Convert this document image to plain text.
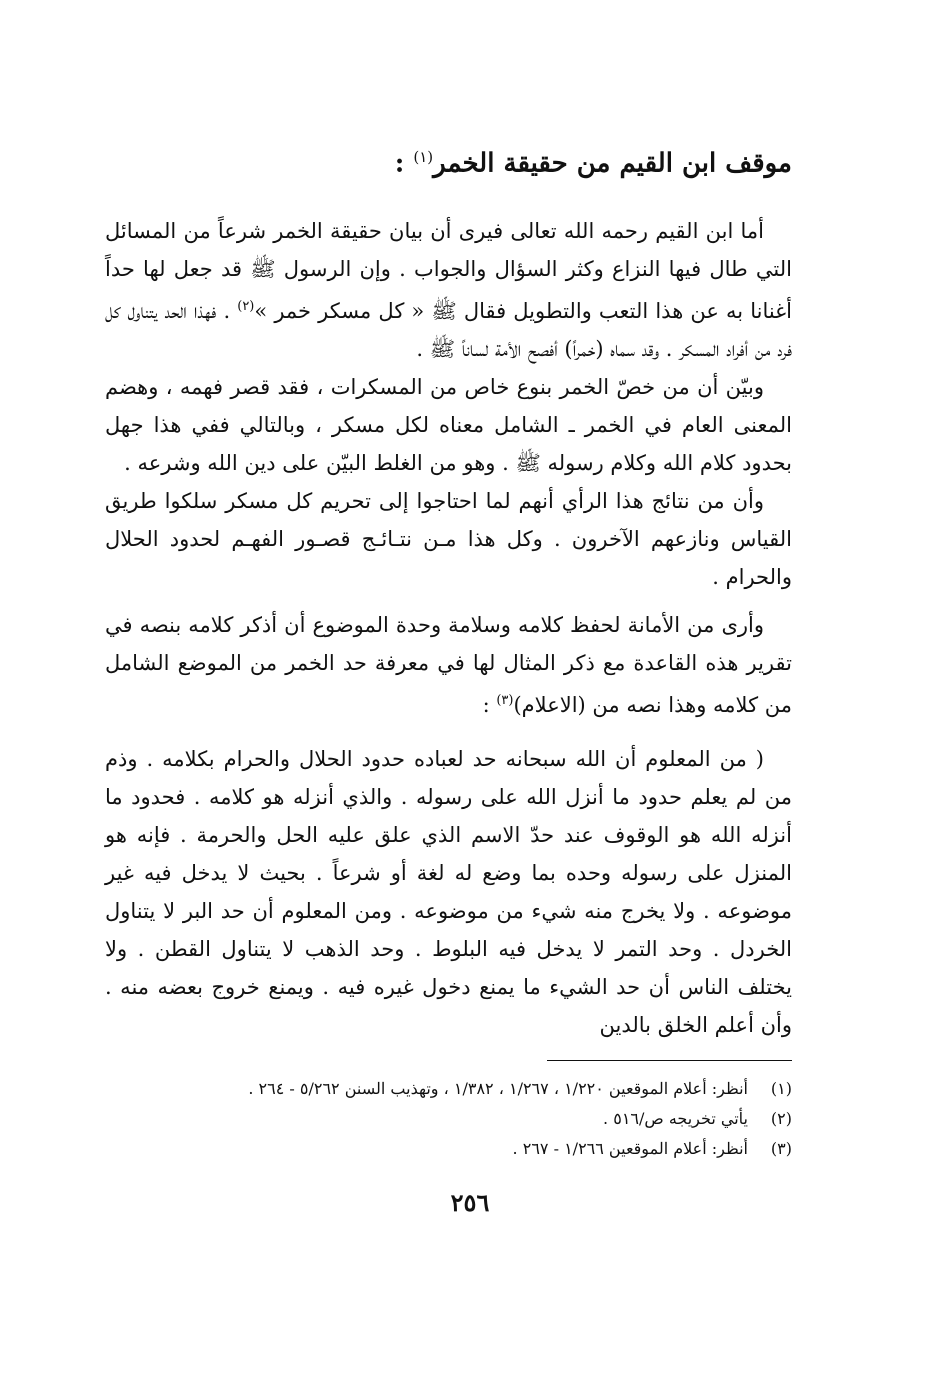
موقف ابن القيم من حقيقة الخمر$^{(١)}$ :

أما ابن القيم رحمه الله تعالى فيرى أن بيان حقيقة الخمر شرعاً من المسائل التي طال فيها النزاع وكثر السؤال والجواب . وإن الرسول ﷺ قد جعل لها حداً أغنانا به عن هذا التعب والتطويل فقال ﷺ « كل مسكر خمر »$^{(٢)}$ . فهذا الحد يتناول كل فرد من أفراد المسكر . وقد سماه (خمراً) أفصح الأمة لساناً ﷺ .

وبيّن أن من خصّ الخمر بنوع خاص من المسكرات ، فقد قصر فهمه ، وهضم المعنى العام في الخمر ـ الشامل معناه لكل مسكر ، وبالتالي ففي هذا جهل بحدود كلام الله وكلام رسوله ﷺ . وهو من الغلط البيّن على دين الله وشرعه .

وأن من نتائج هذا الرأي أنهم لما احتاجوا إلى تحريم كل مسكر سلكوا طريق القياس ونازعهم الآخرون . وكل هذا مـن نتـائـج قصـور الفهـم لحدود الحلال والحرام .

وأرى من الأمانة لحفظ كلامه وسلامة وحدة الموضوع أن أذكر كلامه بنصه في تقرير هذه القاعدة مع ذكر المثال لها في معرفة حد الخمر من الموضع الشامل من كلامه وهذا نصه من (الاعلام)$^{(٣)}$ :

( من المعلوم أن الله سبحانه حد لعباده حدود الحلال والحرام بكلامه . وذم من لم يعلم حدود ما أنزل الله على رسوله . والذي أنزله هو كلامه . فحدود ما أنزله الله هو الوقوف عند حدّ الاسم الذي علق عليه الحل والحرمة . فإنه هو المنزل على رسوله وحده بما وضع له لغة أو شرعاً . بحيث لا يدخل فيه غير موضوعه . ولا يخرج منه شيء من موضوعه . ومن المعلوم أن حد البر لا يتناول الخردل . وحد التمر لا يدخل فيه البلوط . وحد الذهب لا يتناول القطن . ولا يختلف الناس أن حد الشيء ما يمنع دخول غيره فيه . ويمنع خروج بعضه منه . وأن أعلم الخلق بالدين

(١)
أنظر: أعلام الموقعين ١/٢٢٠ ، ١/٢٦٧ ، ١/٣٨٢ ، وتهذيب السنن ٥/٢٦٢ - ٢٦٤ .
(٢)
يأتي تخريجه ص/٥١٦ .
(٣)
أنظر: أعلام الموقعين ١/٢٦٦ - ٢٦٧ .
٢٥٦
